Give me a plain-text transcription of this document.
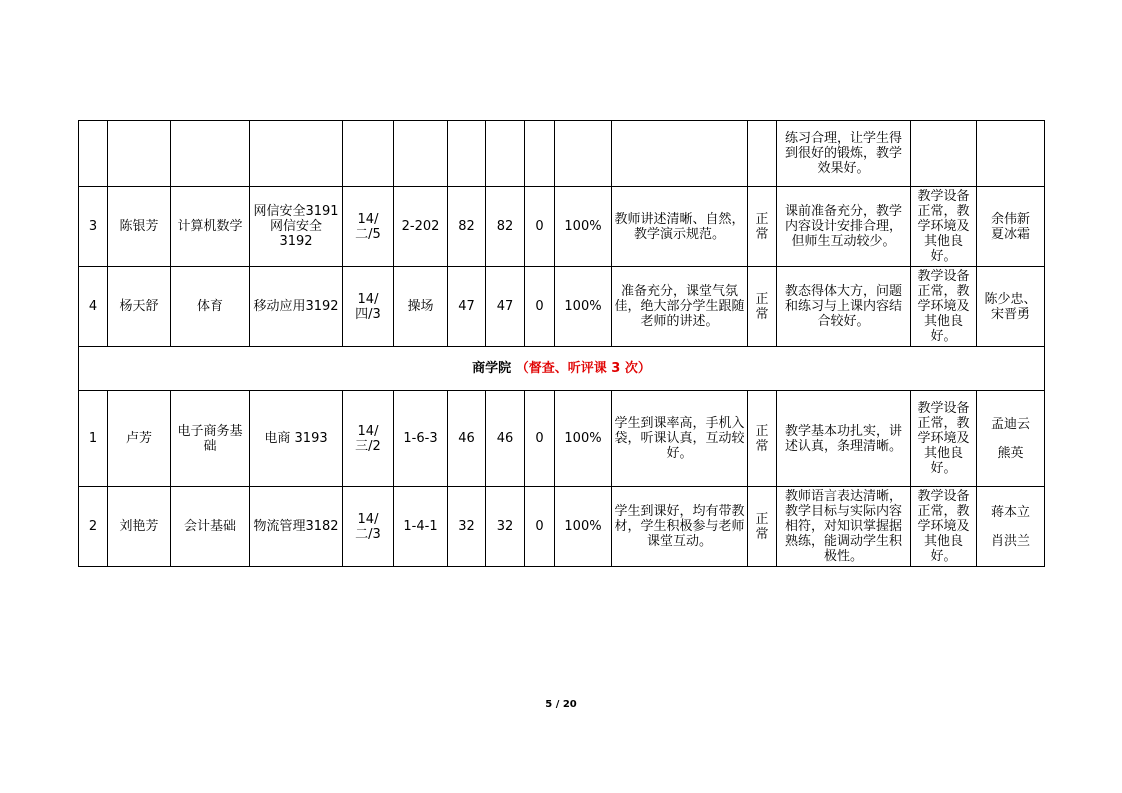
												练习合理，让学生得到很好的锻炼，教学效果好。		
3	陈银芳	计算机数学	网信安全3191 网信安全 3192	14/二/5	2-202	82	82	0	100%	教师讲述清晰、自然，教学演示规范。	正常	课前准备充分，教学内容设计安排合理，但师生互动较少。	教学设备正常，教学环境及其他良好。	余伟新
夏冰霜

4	杨天舒	体育	移动应用3192	14/四/3	操场	47	47	0	100%	准备充分，课堂气氛佳，绝大部分学生跟随老师的讲述。	正常	教态得体大方，问题和练习与上课内容结合较好。	教学设备正常，教学环境及其他良好。	陈少忠、
宋晋勇

商学院 （督查、听评课 3 次）														
1	卢芳	电子商务基础	电商 3193	14/三/2	1-6-3	46	46	0	100%	学生到课率高，手机入袋，听课认真，互动较好。	正常	教学基本功扎实，讲述认真，条理清晰。	教学设备正常，教学环境及其他良好。	孟迪云
熊英

2	刘艳芳	会计基础	物流管理3182	14/二/3	1-4-1	32	32	0	100%	学生到课好，均有带教材，学生积极参与老师课堂互动。	正常	教师语言表达清晰，教学目标与实际内容相符，对知识掌握据熟练，能调动学生积极性。	教学设备正常，教学环境及其他良好。	蒋本立
肖洪兰
5 / 20
